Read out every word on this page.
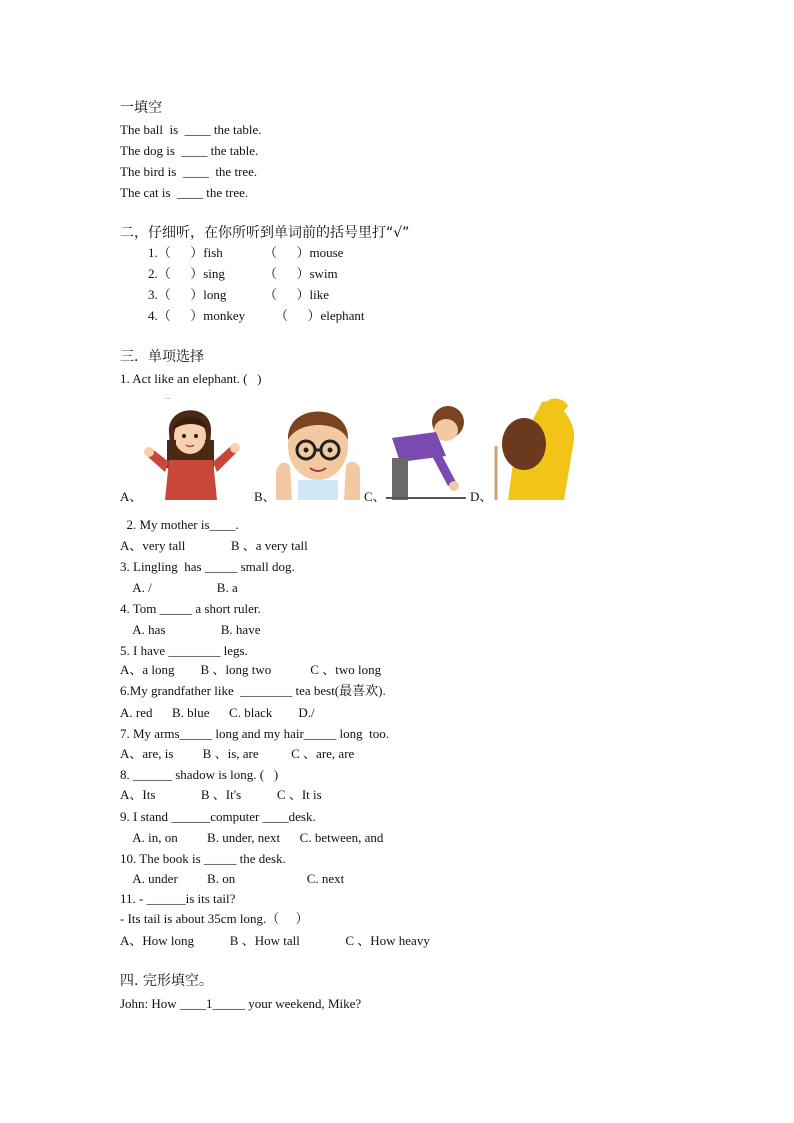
一填空
The ball  is  ____ the table.
The dog is  ____ the table.
The bird is  ____  the tree.
The cat is  ____ the tree.
二，仔细听，在你所听到单词前的括号里打“√”
1.（      ）fish	（      ）mouse
2.（      ）sing	（      ）swim
3.（      ）long	（      ）like
4.（      ）monkey （      ）elephant
三．单项选择
1. Act like an elephant. (   )
~~
A、	B、	C、	D、
2. My mother is____.
A、very tall              B 、a very tall
3. Lingling  has _____ small dog.
A. /                    B. a
4. Tom _____ a short ruler.
A. has                 B. have
5. I have ________ legs.
A、a long        B 、long two            C 、two long
6.My grandfather like  ________ tea best(最喜欢).
A. red      B. blue      C. black        D./
7. My arms_____ long and my hair_____ long  too.
A、are, is         B 、is, are          C 、are, are
8. ______ shadow is long. (   )
A、Its              B 、It's           C 、It is
9. I stand ______computer ____desk.
A. in, on         B. under, next      C. between, and
10. The book is _____ the desk.
A. under         B. on                      C. next
11. - ______is its tail?
- Its tail is about 35cm long.（     ）
A、How long           B 、How tall              C 、How heavy
四. 完形填空。
John: How ____1_____ your weekend, Mike?
